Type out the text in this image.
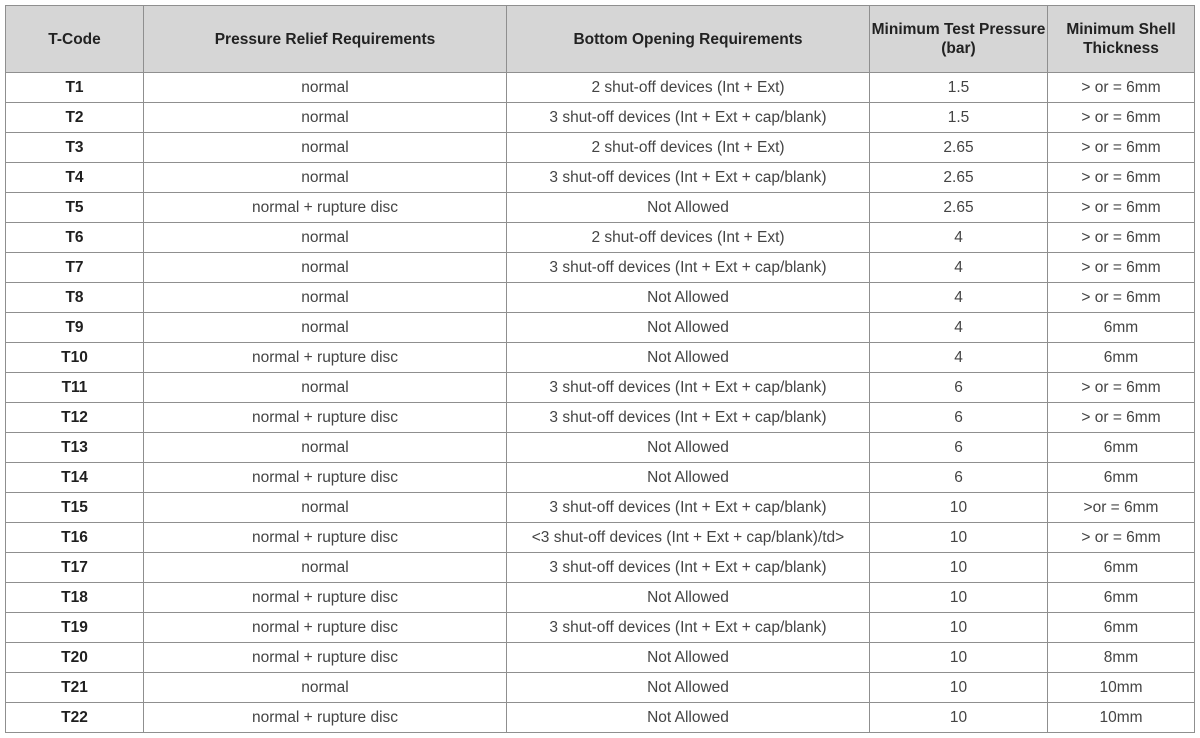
T-Code	Pressure Relief Requirements	Bottom Opening Requirements	Minimum Test Pressure (bar)	Minimum Shell Thickness
T1	normal	2 shut-off devices (Int + Ext)	1.5	> or = 6mm
T2	normal	3 shut-off devices (Int + Ext + cap/blank)	1.5	> or = 6mm
T3	normal	2 shut-off devices (Int + Ext)	2.65	> or = 6mm
T4	normal	3 shut-off devices (Int + Ext + cap/blank)	2.65	> or = 6mm
T5	normal + rupture disc	Not Allowed	2.65	> or = 6mm
T6	normal	2 shut-off devices (Int + Ext)	4	> or = 6mm
T7	normal	3 shut-off devices (Int + Ext + cap/blank)	4	> or = 6mm
T8	normal	Not Allowed	4	> or = 6mm
T9	normal	Not Allowed	4	6mm
T10	normal + rupture disc	Not Allowed	4	6mm
T11	normal	3 shut-off devices (Int + Ext + cap/blank)	6	> or = 6mm
T12	normal + rupture disc	3 shut-off devices (Int + Ext + cap/blank)	6	> or = 6mm
T13	normal	Not Allowed	6	6mm
T14	normal + rupture disc	Not Allowed	6	6mm
T15	normal	3 shut-off devices (Int + Ext + cap/blank)	10	>or = 6mm
T16	normal + rupture disc	<3 shut-off devices (Int + Ext + cap/blank)/td>	10	> or = 6mm
T17	normal	3 shut-off devices (Int + Ext + cap/blank)	10	6mm
T18	normal + rupture disc	Not Allowed	10	6mm
T19	normal + rupture disc	3 shut-off devices (Int + Ext + cap/blank)	10	6mm
T20	normal + rupture disc	Not Allowed	10	8mm
T21	normal	Not Allowed	10	10mm
T22	normal + rupture disc	Not Allowed	10	10mm
